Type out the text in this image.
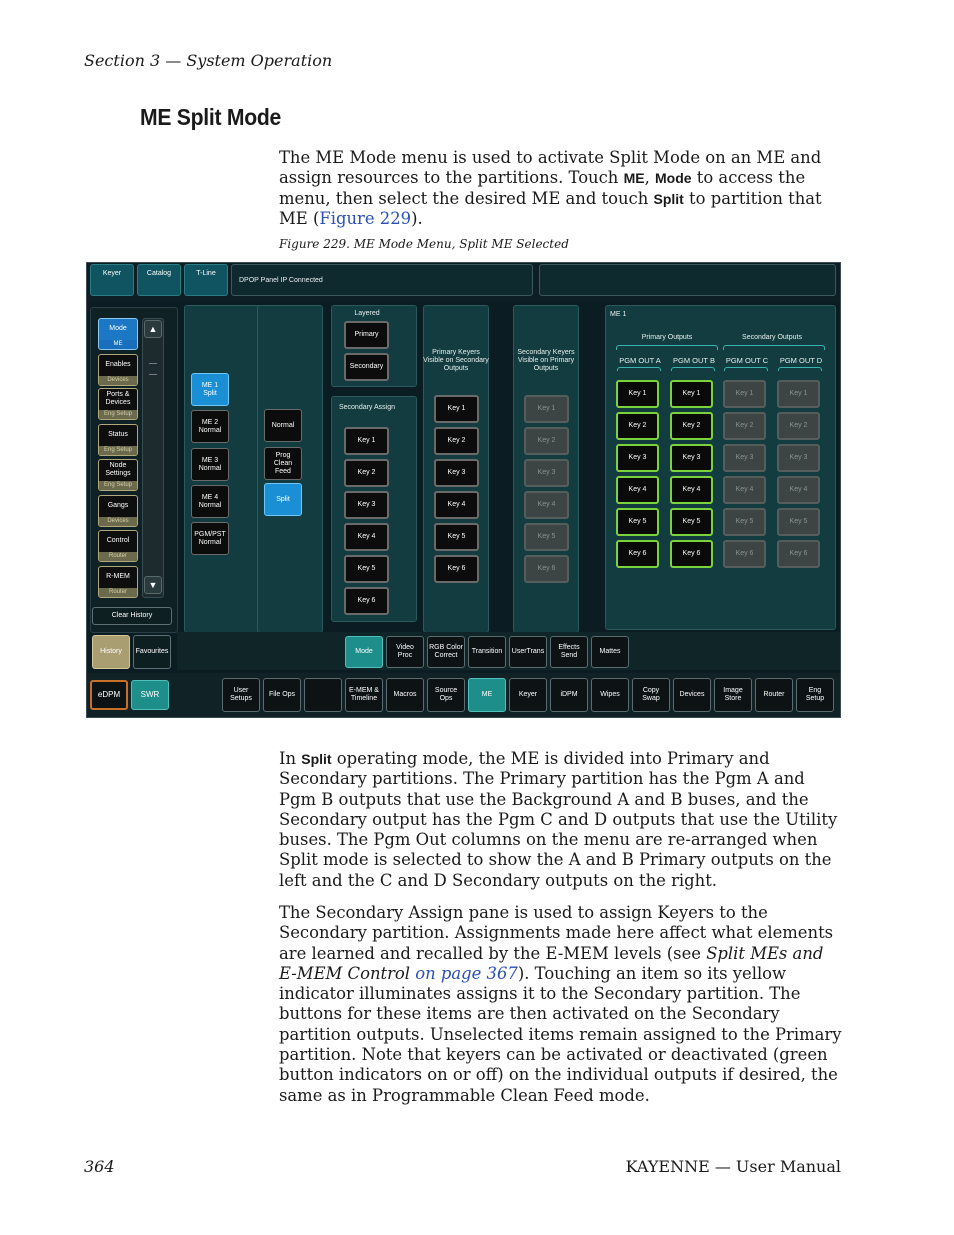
Section 3 — System Operation
ME Split Mode
The ME Mode menu is used to activate Split Mode on an ME and assign resources to the partitions. Touch ME, Mode to access the menu, then select the desired ME and touch Split to partition that ME (Figure 229).
Figure 229. ME Mode Menu, Split ME Selected
DPOP Panel IP Connected
▲
▼
Clear History
History	Favourites
Layered
Secondary Assign
Primary Keyers Visible on Secondary Outputs
Secondary Keyers Visible on Primary Outputs
ME 1
Primary Outputs	Secondary Outputs
eDPM	SWR
Keyer	Catalog	T-Line
Mode
ME
Enables
Devices
Ports &
Devices
Eng Setup
Status
Eng Setup
Node
Settings
Eng Setup
Gangs
Devices
Control
Router
R-MEM
Router
ME 1
Split
ME 2
Normal
ME 3
Normal
ME 4
Normal
PGM/PST
Normal
Normal
Prog
Clean
Feed
Split
Primary
Secondary
Key 1
Key 2
Key 3
Key 4
Key 5
Key 6
Key 1
Key 2
Key 3
Key 4
Key 5
Key 6
Key 1
Key 2
Key 3
Key 4
Key 5
Key 6
PGM OUT A
Key 1
Key 2
Key 3
Key 4
Key 5
Key 6
PGM OUT B
Key 1
Key 2
Key 3
Key 4
Key 5
Key 6
PGM OUT C
Key 1
Key 2
Key 3
Key 4
Key 5
Key 6
PGM OUT D
Key 1
Key 2
Key 3
Key 4
Key 5
Key 6
Mode
Video
Proc
RGB Color
Correct
Transition	UserTrans
Effects
Send
Mattes
User
Setups
File Ops
E-MEM &
Timeline
Macros
Source
Ops
ME	Keyer	iDPM	Wipes
Copy
Swap
Devices
Image
Store
Router
Eng
Setup
In Split operating mode, the ME is divided into Primary and Secondary partitions. The Primary partition has the Pgm A and Pgm B outputs that use the Background A and B buses, and the Secondary output has the Pgm C and D outputs that use the Utility buses. The Pgm Out columns on the menu are re-arranged when Split mode is selected to show the A and B Primary outputs on the left and the C and D Secondary outputs on the right.
The Secondary Assign pane is used to assign Keyers to the Secondary partition. Assignments made here affect what elements are learned and recalled by the E-MEM levels (see Split MEs and E-MEM Control on page 367). Touching an item so its yellow indicator illuminates assigns it to the Secondary partition. The buttons for these items are then activated on the Secondary partition outputs. Unselected items remain assigned to the Primary partition. Note that keyers can be activated or deactivated (green button indicators on or off) on the individual outputs if desired, the same as in Programmable Clean Feed mode.
364	KAYENNE — User Manual
